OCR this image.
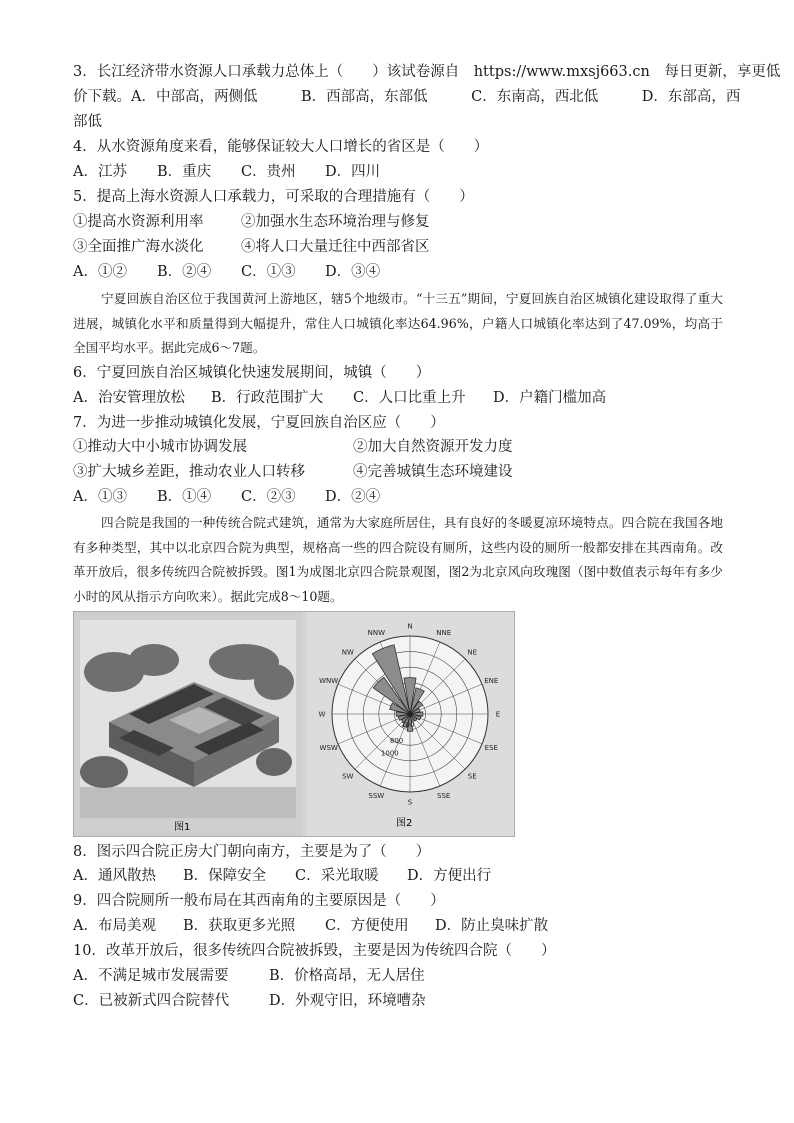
3．长江经济带水资源人口承载力总体上（　　）该试卷源自　https://www.mxsj663.cn　每日更新，享更低
价下载。A．中部高，两侧低　　　B．西部高，东部低　　　C．东南高，西北低　　　D．东部高，西
部低
4．从水资源角度来看，能够保证较大人口增长的省区是（　　）
A．江苏 B．重庆 C．贵州 D．四川
5．提高上海水资源人口承载力，可采取的合理措施有（　　）
①提高水资源利用率	②加强水生态环境治理与修复
③全面推广海水淡化	④将人口大量迁往中西部省区
A．①② B．②④ C．①③ D．③④
宁夏回族自治区位于我国黄河上游地区，辖5个地级市。“十三五”期间，宁夏回族自治区城镇化建设取得了重大进展，城镇化水平和质量得到大幅提升，常住人口城镇化率达64.96%，户籍人口城镇化率达到了47.09%，均高于全国平均水平。据此完成6～7题。
6．宁夏回族自治区城镇化快速发展期间，城镇（　　）
A．治安管理放松 B．行政范围扩大 C．人口比重上升 D．户籍门槛加高
7．为进一步推动城镇化发展，宁夏回族自治区应（　　）
①推动大中小城市协调发展	②加大自然资源开发力度
③扩大城乡差距，推动农业人口转移	④完善城镇生态环境建设
A．①③ B．①④ C．②③ D．②④
四合院是我国的一种传统合院式建筑，通常为大家庭所居住，具有良好的冬暖夏凉环境特点。四合院在我国各地有多种类型，其中以北京四合院为典型，规格高一些的四合院设有厕所，这些内设的厕所一般都安排在其西南角。改革开放后，很多传统四合院被拆毁。图1为成图北京四合院景观图，图2为北京风向玫瑰图（图中数值表示每年有多少小时的风从指示方向吹来）。据此完成8～10题。
图1
N
NNE
NE
ENE
E
ESE
SE
SSE
S
SSW
SW
WSW
W
WNW
NW
NNW
100
800
1000
图2
8．图示四合院正房大门朝向南方，主要是为了（　　）
A．通风散热 B．保障安全 C．采光取暖 D．方便出行
9．四合院厕所一般布局在其西南角的主要原因是（　　）
A．布局美观 B．获取更多光照 C．方便使用 D．防止臭味扩散
10．改革开放后，很多传统四合院被拆毁，主要是因为传统四合院（　　）
A．不满足城市发展需要	B．价格高昂，无人居住
C．已被新式四合院替代	D．外观守旧，环境嘈杂
